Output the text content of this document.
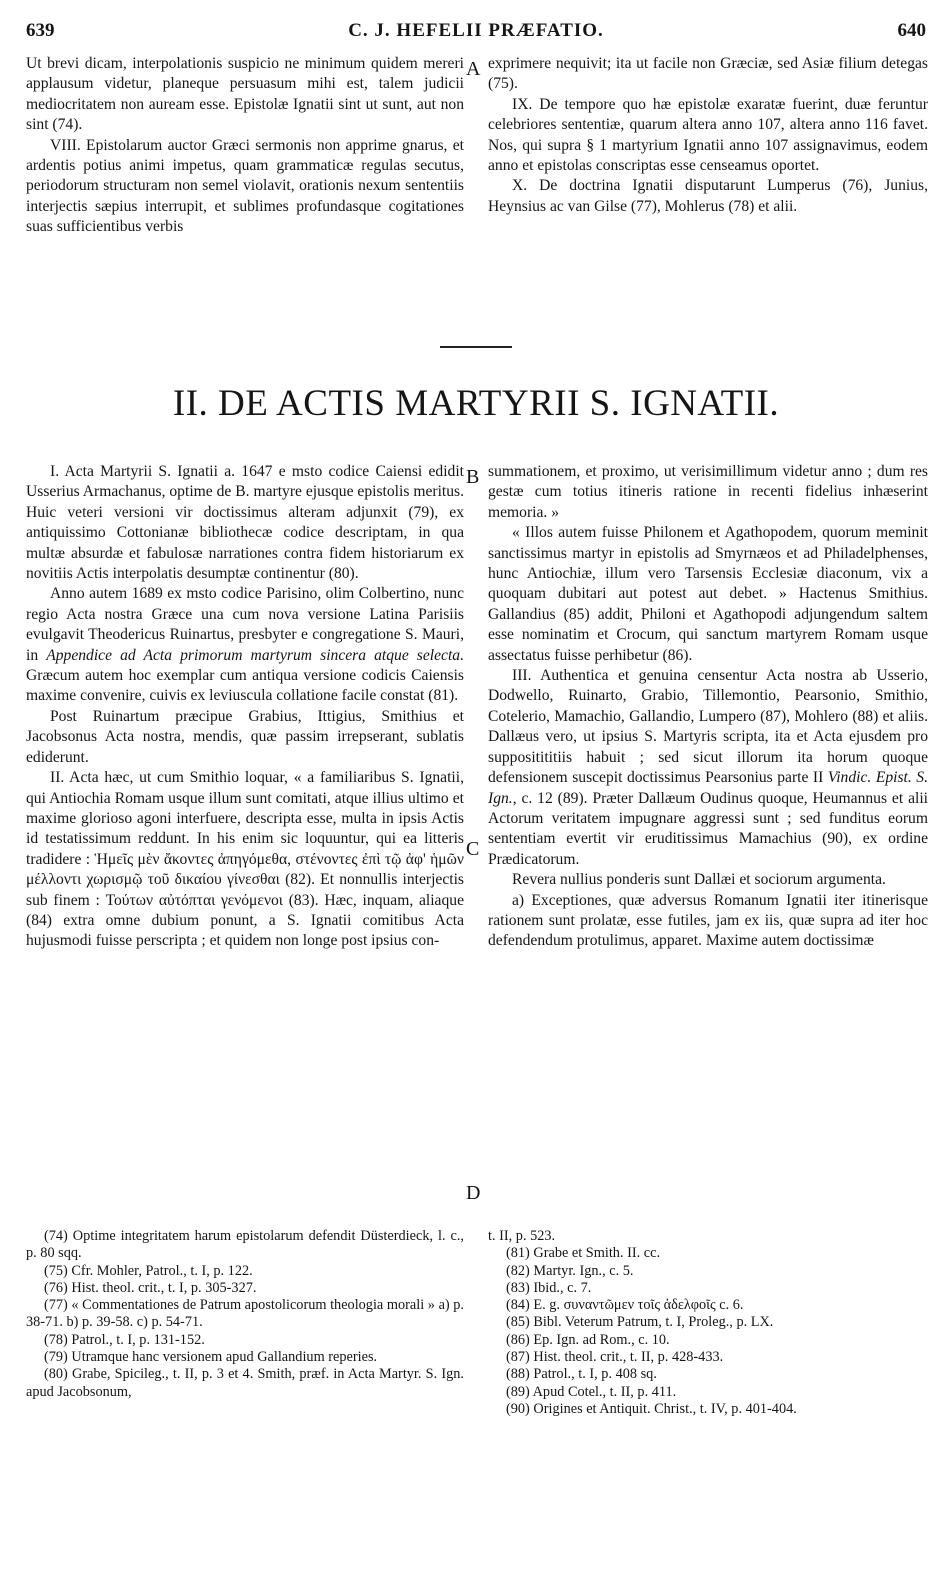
639	C. J. HEFELII PRÆFATIO.	640

Ut brevi dicam, interpolationis suspicio ne minimum quidem mereri applausum videtur, planeque persuasum mihi est, talem judicii mediocritatem non auream esse. Epistolæ Ignatii sint ut sunt, aut non sint (74).

VIII. Epistolarum auctor Græci sermonis non apprime gnarus, et ardentis potius animi impetus, quam grammaticæ regulas secutus, periodorum structuram non semel violavit, orationis nexum sententiis interjectis sæpius interrupit, et sublimes profundasque cogitationes suas sufficientibus verbis

A exprimere nequivit; ita ut facile non Græciæ, sed Asiæ filium detegas (75).

IX. De tempore quo hæ epistolæ exaratæ fuerint, duæ feruntur celebriores sententiæ, quarum altera anno 107, altera anno 116 favet. Nos, qui supra § 1 martyrium Ignatii anno 107 assignavimus, eodem anno et epistolas conscriptas esse censeamus oportet.

X. De doctrina Ignatii disputarunt Lumperus (76), Junius, Heynsius ac van Gilse (77), Mohlerus (78) et alii.

II. DE ACTIS MARTYRII S. IGNATII.

I. Acta Martyrii S. Ignatii a. 1647 e msto codice Caiensi edidit Usserius Armachanus, optime de B. martyre ejusque epistolis meritus. Huic veteri versioni vir doctissimus alteram adjunxit (79), ex antiquissimo Cottonianæ bibliothecæ codice descriptam, in qua multæ absurdæ et fabulosæ narrationes contra fidem historiarum ex novitiis Actis interpolatis desumptæ continentur (80).

Anno autem 1689 ex msto codice Parisino, olim Colbertino, nunc regio Acta nostra Græce una cum nova versione Latina Parisiis evulgavit Theodericus Ruinartus, presbyter e congregatione S. Mauri, in Appendice ad Acta primorum martyrum sincera atque selecta. Græcum autem hoc exemplar cum antiqua versione codicis Caiensis maxime convenire, cuivis ex leviuscula collatione facile constat (81).

Post Ruinartum præcipue Grabius, Ittigius, Smithius et Jacobsonus Acta nostra, mendis, quæ passim irrepserant, sublatis ediderunt.

II. Acta hæc, ut cum Smithio loquar, « a familiaribus S. Ignatii, qui Antiochia Romam usque illum sunt comitati, atque illius ultimo et maxime glorioso agoni interfuere, descripta esse, multa in ipsis Actis id testatissimum reddunt. In his enim sic loquuntur, qui ea litteris tradidere : Ἡμεῖς μὲν ἄκοντες ἀπηγόμεθα, στένοντες ἐπὶ τῷ ἀφ' ἡμῶν μέλλοντι χωρισμῷ τοῦ δικαίου γίνεσθαι (82). Et nonnullis interjectis sub finem : Τούτων αὐτόπται γενόμενοι (83). Hæc, inquam, aliaque (84) extra omne dubium ponunt, a S. Ignatii comitibus Acta hujusmodi fuisse perscripta ; et quidem non longe post ipsius con-

B
C
D

summationem, et proximo, ut verisimillimum videtur anno ; dum res gestæ cum totius itineris ratione in recenti fidelius inhæserint memoria. »

« Illos autem fuisse Philonem et Agathopodem, quorum meminit sanctissimus martyr in epistolis ad Smyrnæos et ad Philadelphenses, hunc Antiochiæ, illum vero Tarsensis Ecclesiæ diaconum, vix a quoquam dubitari aut potest aut debet. » Hactenus Smithius. Gallandius (85) addit, Philoni et Agathopodi adjungendum saltem esse nominatim et Crocum, qui sanctum martyrem Romam usque assectatus fuisse perhibetur (86).

III. Authentica et genuina censentur Acta nostra ab Usserio, Dodwello, Ruinarto, Grabio, Tillemontio, Pearsonio, Smithio, Cotelerio, Mamachio, Gallandio, Lumpero (87), Mohlero (88) et aliis. Dallæus vero, ut ipsius S. Martyris scripta, ita et Acta ejusdem pro suppositititiis habuit ; sed sicut illorum ita horum quoque defensionem suscepit doctissimus Pearsonius parte II Vindic. Epist. S. Ign., c. 12 (89). Præter Dallæum Oudinus quoque, Heumannus et alii Actorum veritatem impugnare aggressi sunt ; sed funditus eorum sententiam evertit vir eruditissimus Mamachius (90), ex ordine Prædicatorum.

Revera nullius ponderis sunt Dallæi et sociorum argumenta.

a) Exceptiones, quæ adversus Romanum Ignatii iter itinerisque rationem sunt prolatæ, esse futiles, jam ex iis, quæ supra ad iter hoc defendendum protulimus, apparet. Maxime autem doctissimæ

(74) Optime integritatem harum epistolarum defendit Düsterdieck, l. c., p. 80 sqq.

(75) Cfr. Mohler, Patrol., t. I, p. 122.

(76) Hist. theol. crit., t. I, p. 305-327.

(77) « Commentationes de Patrum apostolicorum theologia morali » a) p. 38-71. b) p. 39-58. c) p. 54-71.

(78) Patrol., t. I, p. 131-152.

(79) Utramque hanc versionem apud Gallandium reperies.

(80) Grabe, Spicileg., t. II, p. 3 et 4. Smith, præf. in Acta Martyr. S. Ign. apud Jacobsonum,

t. II, p. 523.

(81) Grabe et Smith. II. cc.

(82) Martyr. Ign., c. 5.

(83) Ibid., c. 7.

(84) E. g. συναντῶμεν τοῖς ἀδελφοῖς c. 6.

(85) Bibl. Veterum Patrum, t. I, Proleg., p. LX.

(86) Ep. Ign. ad Rom., c. 10.

(87) Hist. theol. crit., t. II, p. 428-433.

(88) Patrol., t. I, p. 408 sq.

(89) Apud Cotel., t. II, p. 411.

(90) Origines et Antiquit. Christ., t. IV, p. 401-404.
